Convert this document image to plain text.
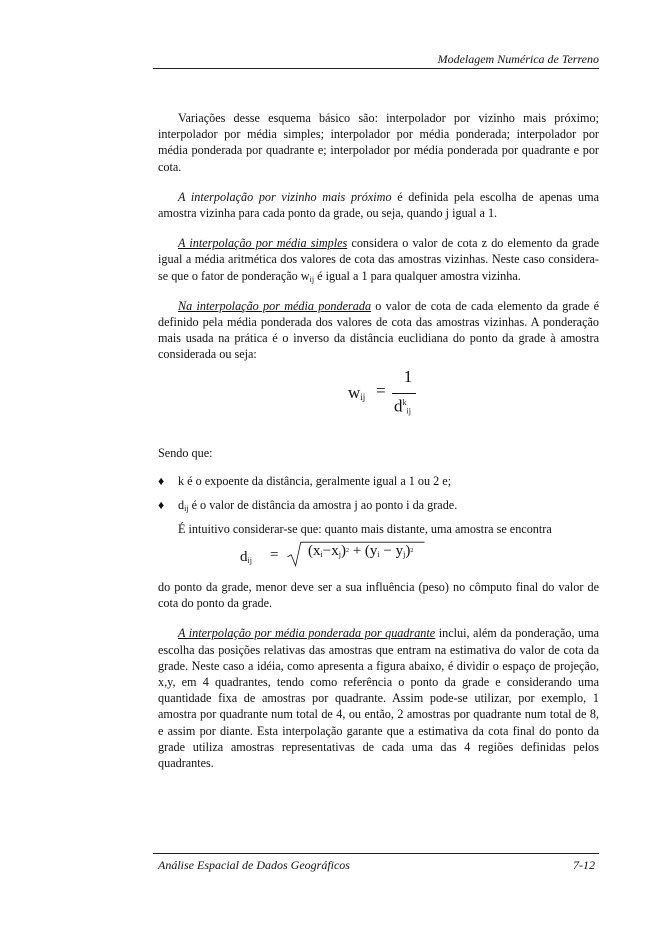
Modelagem Numérica de Terreno

Variações desse esquema básico são: interpolador por vizinho mais próximo; interpolador por média simples; interpolador por média ponderada; interpolador por média ponderada por quadrante e; interpolador por média ponderada por quadrante e por cota.

A interpolação por vizinho mais próximo é definida pela escolha de apenas uma amostra vizinha para cada ponto da grade, ou seja, quando j igual a 1.

A interpolação por média simples considera o valor de cota z do elemento da grade igual a média aritmética dos valores de cota das amostras vizinhas. Neste caso considera-se que o fator de ponderação $w_{ij}$ é igual a 1 para qualquer amostra vizinha.

Na interpolação por média ponderada o valor de cota de cada elemento da grade é definido pela média ponderada dos valores de cota das amostras vizinhas. A ponderação mais usada na prática é o inverso da distância euclidiana do ponto da grade à amostra considerada ou seja:

$w_{ij}$ =
1
$d^k_{ij}$

Sendo que:

♦ k é o expoente da distância, geralmente igual a 1 ou 2 e;
♦ $d_{ij}$ é o valor de distância da amostra j ao ponto i da grade.

É intuitivo considerar-se que: quanto mais distante, uma amostra se encontra

$d_{ij} = (x_i-x_j)^2 + (y_i - y_j)^2$

do ponto da grade, menor deve ser a sua influência (peso) no cômputo final do valor de cota do ponto da grade.

A interpolação por média ponderada por quadrante inclui, além da ponderação, uma escolha das posições relativas das amostras que entram na estimativa do valor de cota da grade. Neste caso a idéia, como apresenta a figura abaixo, é dividir o espaço de projeção, x,y, em 4 quadrantes, tendo como referência o ponto da grade e considerando uma quantidade fixa de amostras por quadrante. Assim pode-se utilizar, por exemplo, 1 amostra por quadrante num total de 4, ou então, 2 amostras por quadrante num total de 8, e assim por diante. Esta interpolação garante que a estimativa da cota final do ponto da grade utiliza amostras representativas de cada uma das 4 regiões definidas pelos quadrantes.

Análise Espacial de Dados Geográficos	7-12
